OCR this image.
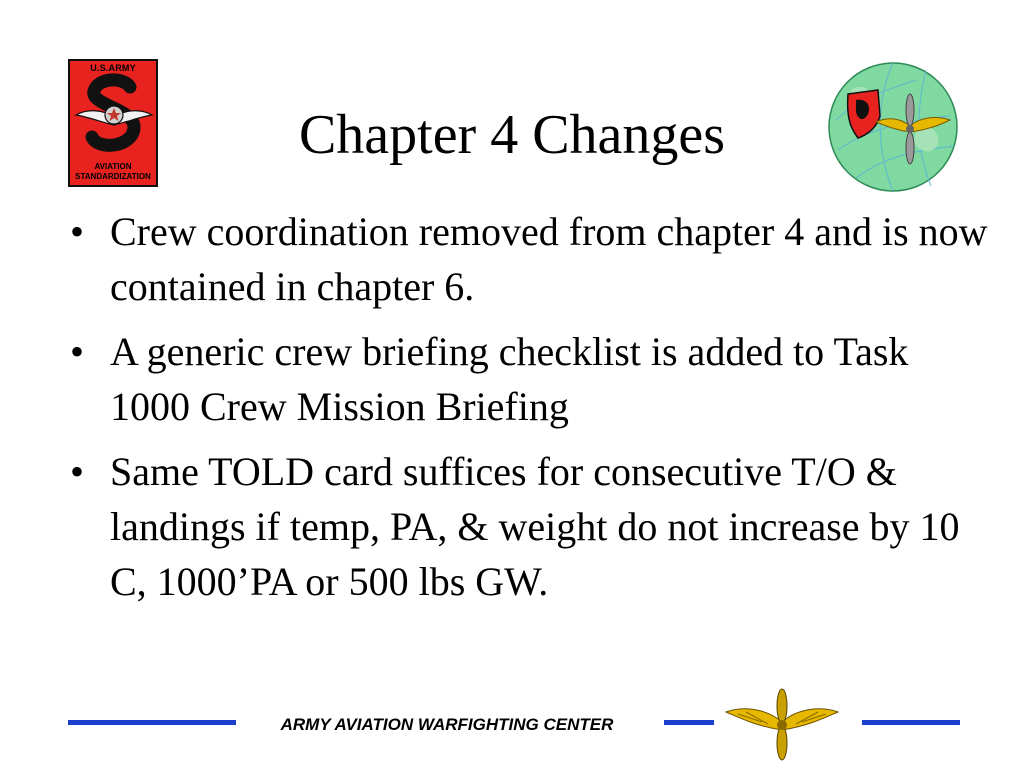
U.S.ARMY
AVIATION
STANDARDIZATION
Chapter 4 Changes
• Crew coordination removed from chapter 4 and is now contained in chapter 6.
• A generic crew briefing checklist is added to Task 1000 Crew Mission Briefing
• Same TOLD card suffices for consecutive T/O & landings if temp, PA, & weight do not increase by 10 C, 1000’PA or 500 lbs GW.
ARMY AVIATION WARFIGHTING CENTER
